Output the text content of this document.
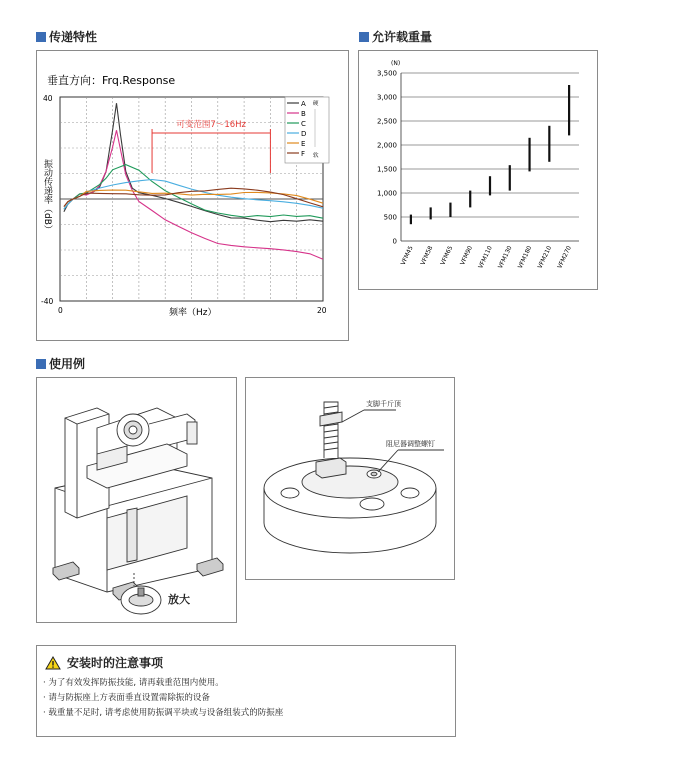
传递特性	允许载重量
使用例
垂直方向：Frq.Response
40
-40
0	20
频率（Hz）
振动传递率（dB）
可变范围7～16Hz
A
B
C
D
E
F
硬
软
(N)
0
500
1,000
1,500
2,000
2,500
3,000
3,500
VFM45 VFM58 VFM65 VFM90 VFM110 VFM130 VFM180 VFM210 VFM270
放大
支脚千斤顶
阻尼器调整螺钉
安装时的注意事项
· 为了有效发挥防振技能, 请再载重范围内使用。
· 请与防振座上方表面垂直设置需除振的设备
· 载重量不足时, 请考虑使用防振调平块或与设备组装式的防振座
